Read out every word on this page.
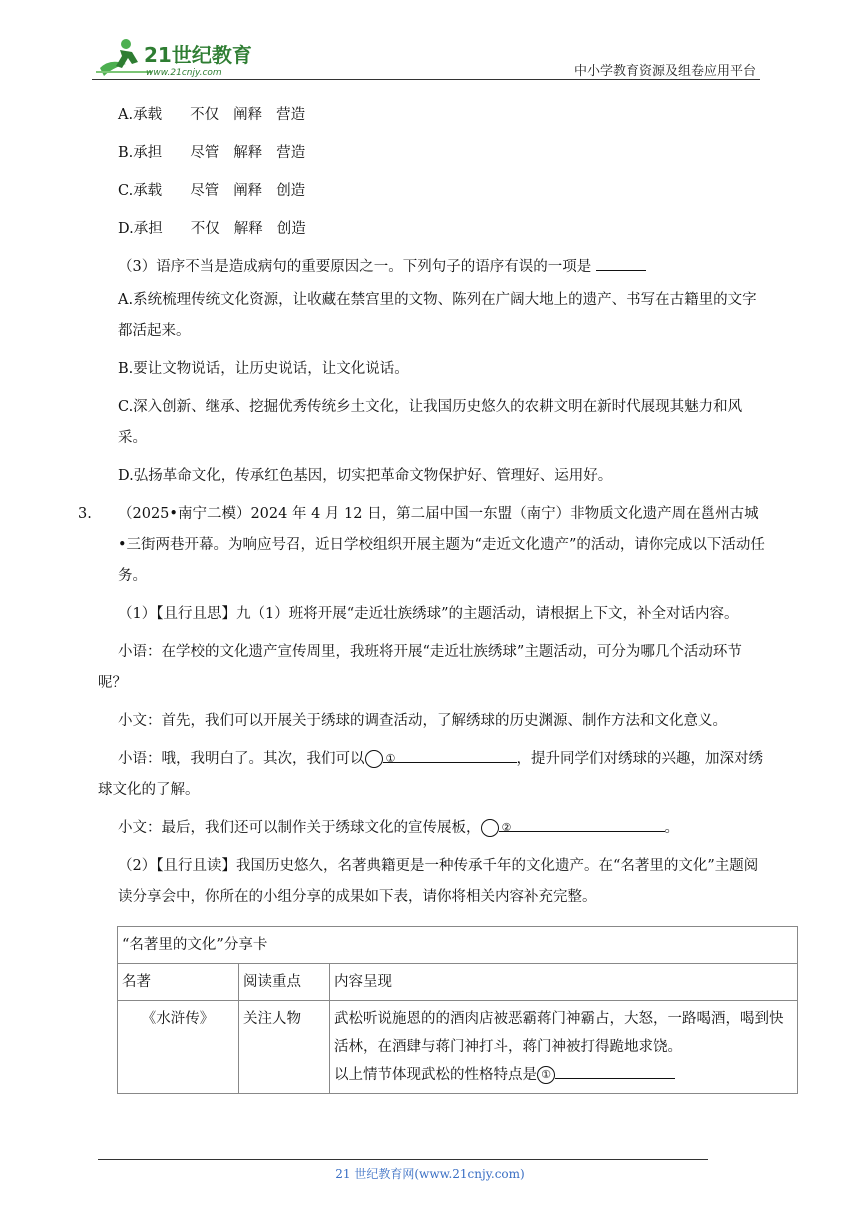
21世纪教育
www.21cnjy.com	中小学教育资源及组卷应用平台
A.承载 不仅 阐释 营造
B.承担 尽管 解释 营造
C.承载 尽管 阐释 创造
D.承担 不仅 解释 创造
（3）语序不当是造成病句的重要原因之一。下列句子的语序有误的一项是
A.系统梳理传统文化资源，让收藏在禁宫里的文物、陈列在广阔大地上的遗产、书写在古籍里的文字都活起来。
B.要让文物说话，让历史说话，让文化说话。
C.深入创新、继承、挖掘优秀传统乡土文化，让我国历史悠久的农耕文明在新时代展现其魅力和风采。
D.弘扬革命文化，传承红色基因，切实把革命文物保护好、管理好、运用好。
3. （2025•南宁二模）2024 年 4 月 12 日，第二届中国一东盟（南宁）非物质文化遗产周在邕州古城•三街两巷开幕。为响应号召，近日学校组织开展主题为“走近文化遗产”的活动，请你完成以下活动任务。
（1）【且行且思】九（1）班将开展“走近壮族绣球”的主题活动，请根据上下文，补全对话内容。
小语：在学校的文化遗产宣传周里，我班将开展“走近壮族绣球”主题活动，可分为哪几个活动环节呢？
小文：首先，我们可以开展关于绣球的调查活动，了解绣球的历史渊源、制作方法和文化意义。
小语：哦，我明白了。其次，我们可以 ①	，提升同学们对绣球的兴趣，加深对绣球文化的了解。
小文：最后，我们还可以制作关于绣球文化的宣传展板， ②	。
（2）【且行且读】我国历史悠久，名著典籍更是一种传承千年的文化遗产。在“名著里的文化”主题阅读分享会中，你所在的小组分享的成果如下表，请你将相关内容补充完整。
“名著里的文化”分享卡		
名著	阅读重点	内容呈现
《水浒传》	关注人物	武松听说施恩的的酒肉店被恶霸蒋门神霸占，大怒，一路喝酒，喝到快活林，在酒肆与蒋门神打斗，蒋门神被打得跪地求饶。
以上情节体现武松的性格特点是 ①
21 世纪教育网(www.21cnjy.com)
